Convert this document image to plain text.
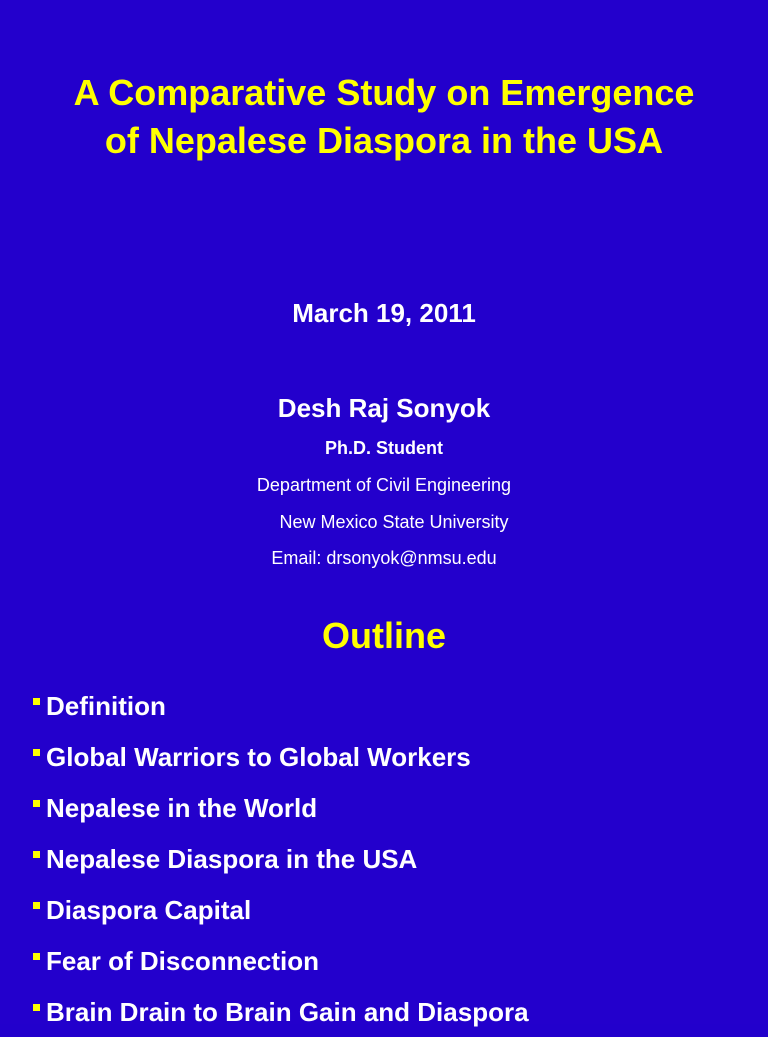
A Comparative Study on Emergence
of Nepalese Diaspora in the USA
March 19, 2011
Desh Raj Sonyok
Ph.D. Student
Department of Civil Engineering
New Mexico State University
Email: drsonyok@nmsu.edu
Outline
Definition
Global Warriors to Global Workers
Nepalese in the World
Nepalese Diaspora in the USA
Diaspora Capital
Fear of Disconnection
Brain Drain to Brain Gain and Diaspora
